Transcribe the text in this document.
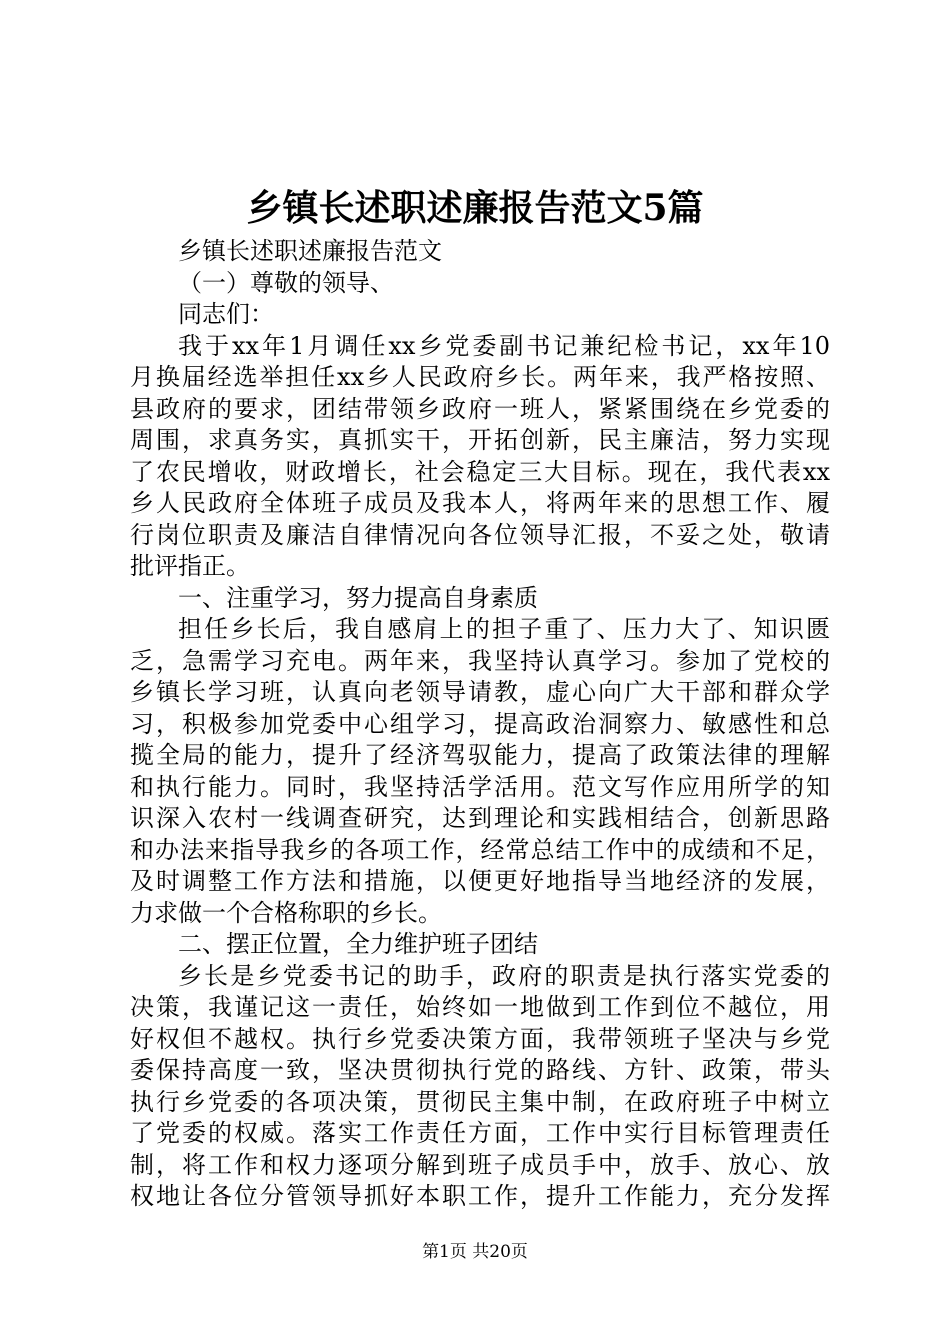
乡镇长述职述廉报告范文5篇
乡镇长述职述廉报告范文
（一）尊敬的领导、
同志们：
我于xx年1月调任xx乡党委副书记兼纪检书记，xx年10
月换届经选举担任xx乡人民政府乡长。两年来，我严格按照、
县政府的要求，团结带领乡政府一班人，紧紧围绕在乡党委的
周围，求真务实，真抓实干，开拓创新，民主廉洁，努力实现
了农民增收，财政增长，社会稳定三大目标。现在，我代表xx
乡人民政府全体班子成员及我本人，将两年来的思想工作、履
行岗位职责及廉洁自律情况向各位领导汇报，不妥之处，敬请
批评指正。
一、注重学习，努力提高自身素质
担任乡长后，我自感肩上的担子重了、压力大了、知识匮
乏，急需学习充电。两年来，我坚持认真学习。参加了党校的
乡镇长学习班，认真向老领导请教，虚心向广大干部和群众学
习，积极参加党委中心组学习，提高政治洞察力、敏感性和总
揽全局的能力，提升了经济驾驭能力，提高了政策法律的理解
和执行能力。同时，我坚持活学活用。范文写作应用所学的知
识深入农村一线调查研究，达到理论和实践相结合，创新思路
和办法来指导我乡的各项工作，经常总结工作中的成绩和不足，
及时调整工作方法和措施，以便更好地指导当地经济的发展，
力求做一个合格称职的乡长。
二、摆正位置，全力维护班子团结
乡长是乡党委书记的助手，政府的职责是执行落实党委的
决策，我谨记这一责任，始终如一地做到工作到位不越位，用
好权但不越权。执行乡党委决策方面，我带领班子坚决与乡党
委保持高度一致，坚决贯彻执行党的路线、方针、政策，带头
执行乡党委的各项决策，贯彻民主集中制，在政府班子中树立
了党委的权威。落实工作责任方面，工作中实行目标管理责任
制，将工作和权力逐项分解到班子成员手中，放手、放心、放
权地让各位分管领导抓好本职工作，提升工作能力，充分发挥
第1页 共20页
